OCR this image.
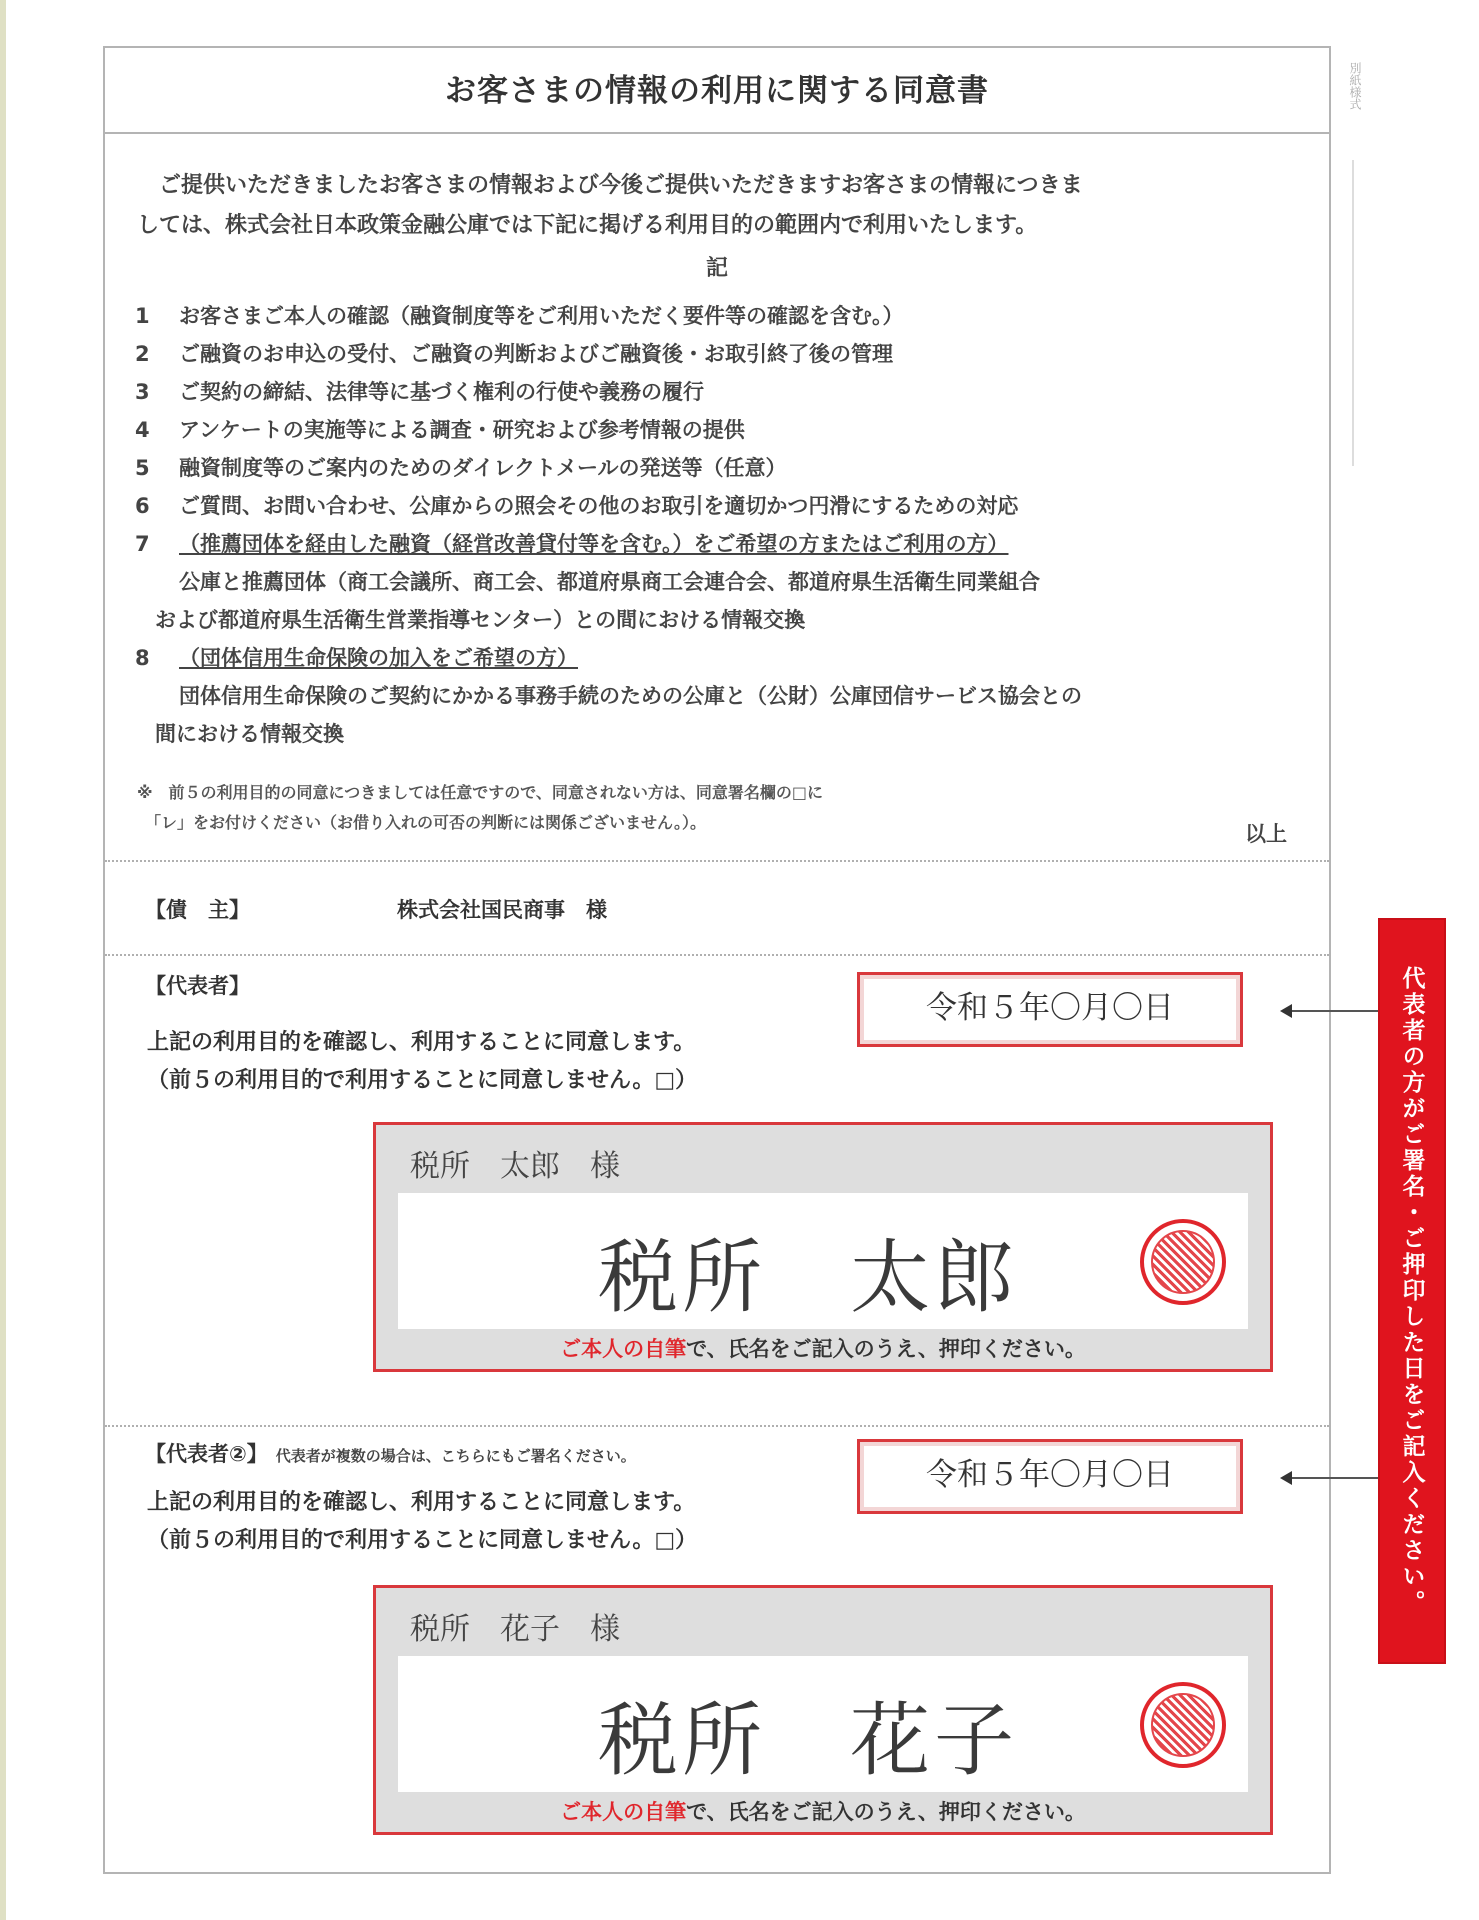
お客さまの情報の利用に関する同意書

　ご提供いただきましたお客さまの情報および今後ご提供いただきますお客さまの情報につきま

しては、株式会社日本政策金融公庫では下記に掲げる利用目的の範囲内で利用いたします。

記
1 お客さまご本人の確認（融資制度等をご利用いただく要件等の確認を含む。）
2 ご融資のお申込の受付、ご融資の判断およびご融資後・お取引終了後の管理
3 ご契約の締結、法律等に基づく権利の行使や義務の履行
4 アンケートの実施等による調査・研究および参考情報の提供
5 融資制度等のご案内のためのダイレクトメールの発送等（任意）
6 ご質問、お問い合わせ、公庫からの照会その他のお取引を適切かつ円滑にするための対応
7 （推薦団体を経由した融資（経営改善貸付等を含む。）をご希望の方またはご利用の方）
公庫と推薦団体（商工会議所、商工会、都道府県商工会連合会、都道府県生活衛生同業組合
および都道府県生活衛生営業指導センター）との間における情報交換
8 （団体信用生命保険の加入をご希望の方）
団体信用生命保険のご契約にかかる事務手続のための公庫と（公財）公庫団信サービス協会との
間における情報交換
※　前５の利用目的の同意につきましては任意ですので、同意されない方は、同意署名欄の□に
　「レ」をお付けください（お借り入れの可否の判断には関係ございません。）。	以上
【債　主】	株式会社国民商事　様
【代表者】
上記の利用目的を確認し、利用することに同意します。
（前５の利用目的で利用することに同意しません。□）
令和５年〇月〇日
税所　太郎　様
税所　太郎
ご本人の自筆で、氏名をご記入のうえ、押印ください。
【代表者②】 代表者が複数の場合は、こちらにもご署名ください。
上記の利用目的を確認し、利用することに同意します。
（前５の利用目的で利用することに同意しません。□）
令和５年〇月〇日
税所　花子　様
税所　花子
ご本人の自筆で、氏名をご記入のうえ、押印ください。
別紙様式
代表者の方がご署名・ご押印した日をご記入ください。
